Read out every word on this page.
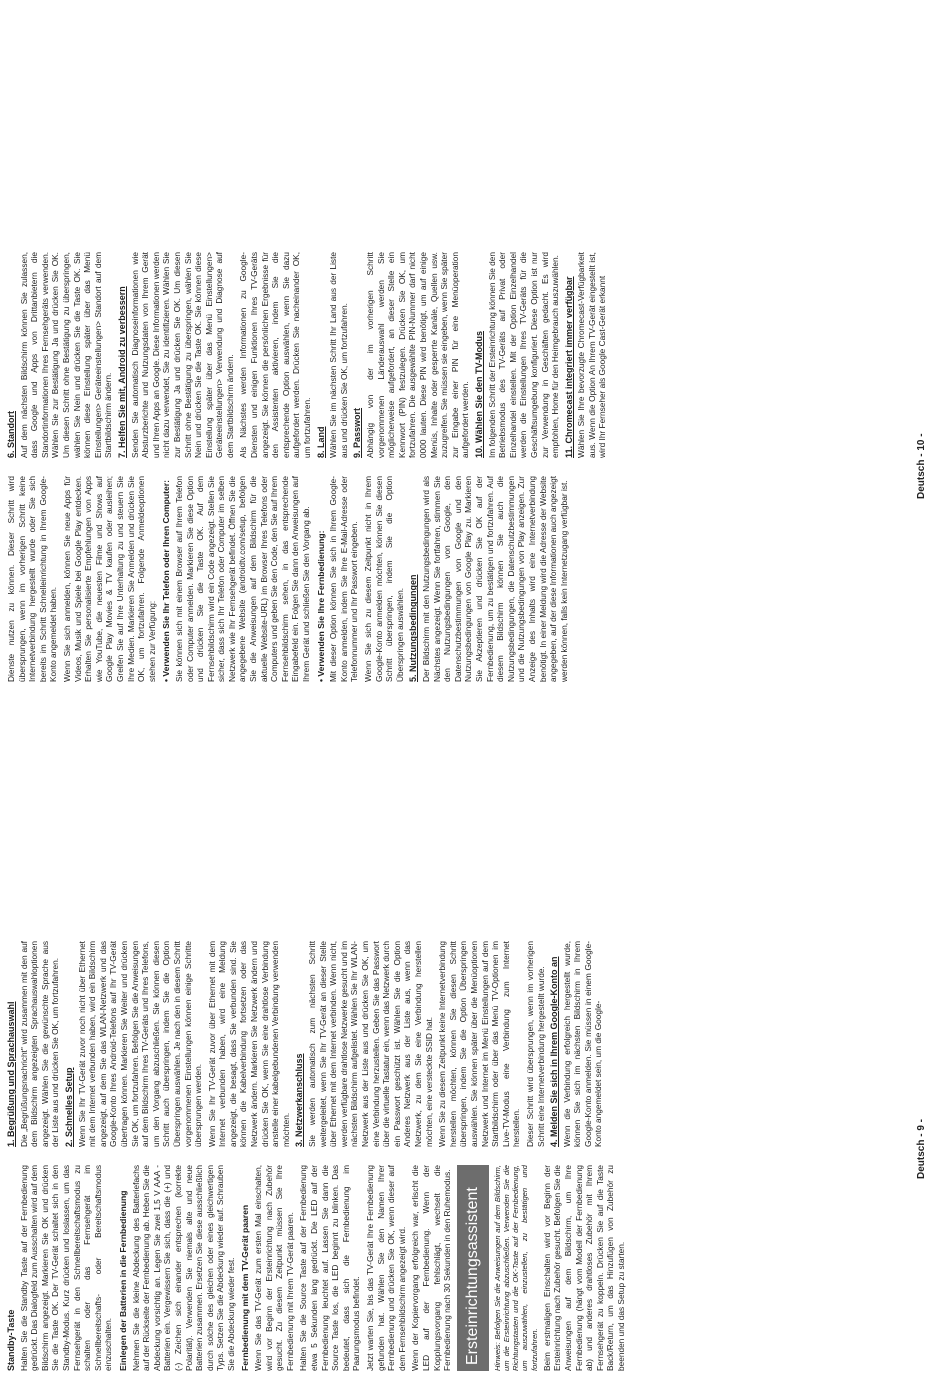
Standby-Taste Halten Sie die Standby Taste auf der Fernbedienung gedrückt. Das Dialogfeld zum Ausschalten wird auf dem Bildschirm angezeigt. Markieren Sie OK und drücken Sie die Taste OK. Der TV-Gerät schaltet sich in den Standby-Modus. Kurz drücken und loslassen, um das Fernsehgerät in den Schnellbereitschaftsmodus zu schalten oder das Fernsehgerät im Schnellbereitschafts- oder Bereitschaftsmodus einzuschalten. Einlegen der Batterien in die Fernbedienung Nehmen Sie die kleine Abdeckung des Batteriefachs auf der Rückseite der Fernbedienung ab. Heben Sie die Abdeckung vorsichtig an. Legen Sie zwei 1,5 V AAA - Batterien ein. Vergewissern Sie sich, dass die (+) und (-) Zeichen sich einander entsprechen (korrekte Polarität). Verwenden Sie niemals alte und neue Batterien zusammen. Ersetzen Sie diese ausschließlich durch solche des gleichen oder eines gleichwertigen Typs. Setzen Sie die Abdeckung wieder auf. Schrauben Sie die Abdeckung wieder fest. Fernbedienung mit dem TV-Gerät paaren Wenn Sie das TV-Gerät zum ersten Mal einschalten, wird vor Beginn der Ersteinrichtung nach Zubehör gesucht. Zu diesem Zeitpunkt müssen Sie Ihre Fernbedienung mit Ihrem TV-Gerät paaren. Halten Sie die Source Taste auf der Fernbedienung etwa 5 Sekunden lang gedrückt. Die LED auf der Fernbedienung leuchtet auf. Lassen Sie dann die Source Taste los, die LED beginnt zu blinken. Das bedeutet, dass sich die Fernbedienung im Paarungsmodus befindet. Jetzt warten Sie, bis das TV-Gerät Ihre Fernbedienung gefunden hat. Wählen Sie den Namen Ihrer Fernbedienung und drücken Sie OK, wenn dieser auf dem Fernsehbildschirm angezeigt wird. Wenn der Kopiervorgang erfolgreich war, erlischt die LED auf der Fernbedienung. Wenn der Kopplungsvorgang fehlschlägt, wechselt die Fernbedienung nach 30 Sekunden in den Ruhemodus. Ersteinrichtungsassistent	Hinweis: Befolgen Sie die Anweisungen auf dem Bildschirm, um die Ersteinrichtung abzuschließen. Verwenden Sie die Richtungstasten und die OK-Taste auf der Fernbedienung, um auszuwählen, einzustellen, zu bestätigen und fortzufahren. Beim erstmaligen Einschalten wird vor Beginn der Ersteinrichtung nach Zubehör gesucht. Befolgen Sie die Anweisungen auf dem Bildschirm, um Ihre Fernbedienung (hängt vom Modell der Fernbedienung ab) und anderes drahtloses Zubehör mit Ihrem Fernsehgerät zu koppeln. Drücken Sie auf die Taste Back/Return, um das Hinzufügen von Zubehör zu beenden und das Setup zu starten.

1. Begrüßung und Sprachauswahl Die „Begrüßungsnachricht" wird zusammen mit den auf dem Bildschirm angezeigten Sprachauswahloptionen angezeigt. Wählen Sie die gewünschte Sprache aus der Liste aus und drücken Sie OK, um fortzufahren. 2. Schnelles Setup Wenn Sie Ihr TV-Gerät zuvor noch nicht über Ethernet mit dem Internet verbunden haben, wird ein Bildschirm angezeigt, auf dem Sie das WLAN-Netzwerk und das Google-Konto Ihres Android-Telefons auf Ihr TV-Gerät übertragen können. Markieren Sie Weiter und drücken Sie OK, um fortzufahren. Befolgen Sie die Anweisungen auf dem Bildschirm Ihres TV-Geräts und Ihres Telefons, um den Vorgang abzuschließen. Sie können diesen Schritt auch überspringen, indem Sie die Option Überspringen auswählen. Je nach den in diesem Schritt vorgenommenen Einstellungen können einige Schritte übersprungen werden. Wenn Sie Ihr TV-Gerät zuvor über Ethernet mit dem Internet verbunden haben, wird eine Meldung angezeigt, die besagt, dass Sie verbunden sind. Sie können die Kabelverbindung fortsetzen oder das Netzwerk ändern. Markieren Sie Netzwerk ändern und drücken Sie OK, wenn Sie eine drahtlose Verbindung anstelle einer kabelgebundenen Verbindung verwenden möchten. 3. Netzwerkanschluss Sie werden automatisch zum nächsten Schritt weitergeleitet, wenn Sie Ihr TV-Gerät an dieser Stelle über Ethernet mit dem Internet verbinden. Wenn nicht, werden verfügbare drahtlose Netzwerke gesucht und im nächsten Bildschirm aufgelistet. Wählen Sie Ihr WLAN-Netzwerk aus der Liste aus und drücken Sie OK, um eine Verbindung herzustellen. Geben Sie das Passwort über die virtuelle Tastatur ein, wenn das Netzwerk durch ein Passwort geschützt ist. Wählen Sie die Option Anderes Netzwerk aus der Liste aus, wenn das Netzwerk, zu dem Sie eine Verbindung herstellen möchten, eine versteckte SSID hat. Wenn Sie zu diesem Zeitpunkt keine Internetverbindung herstellen möchten, können Sie diesen Schritt überspringen, indem Sie die Option Überspringen auswählen. Sie können später über die Menüoptionen Netzwerk und Internet im Menü Einstellungen auf dem Startbildschirm oder über das Menü TV-Optionen im Live-TV-Modus eine Verbindung zum Internet herstellen. Dieser Schritt wird übersprungen, wenn im vorherigen Schritt eine Internetverbindung hergestellt wurde. 4. Melden Sie sich in Ihrem Google-Konto an Wenn die Verbindung erfolgreich hergestellt wurde, können Sie sich im nächsten Bildschirm in Ihrem Google-Konto anmelden. Sie müssen in einem Google-Konto angemeldet sein, um die Google-

Deutsch - 9 -

Dienste nutzen zu können. Dieser Schritt wird übersprungen, wenn im vorherigen Schritt keine Internetverbindung hergestellt wurde oder Sie sich bereits im Schritt Schnelleinrichtung in Ihrem Google-Konto angemeldet haben. Wenn Sie sich anmelden, können Sie neue Apps für Videos, Musik und Spiele bei Google Play entdecken. Erhalten Sie personalisierte Empfehlungen von Apps wie YouTube, die neuesten Filme und Shows auf Google Play Movies & TV kaufen oder ausleihen; Greifen Sie auf Ihre Unterhaltung zu und steuern Sie Ihre Medien. Markieren Sie Anmelden und drücken Sie OK, um fortzufahren. Folgende Anmeldeoptionen stehen zur Verfügung: • Verwenden Sie Ihr Telefon oder Ihren Computer: Sie können sich mit einem Browser auf Ihrem Telefon oder Computer anmelden. Markieren Sie diese Option und drücken Sie die Taste OK. Auf dem Fernsehbildschirm wird ein Code angezeigt. Stellen Sie sicher, dass sich Ihr Telefon oder Computer im selben Netzwerk wie Ihr Fernsehgerät befindet. Öffnen Sie die angegebene Website (androidtv.com/setup, befolgen Sie die Anweisungen auf dem Bildschirm für die aktuelle Website-URL) im Browser Ihres Telefons oder Computers und geben Sie den Code, den Sie auf Ihrem Fernsehbildschirm sehen, in das entsprechende Eingabefeld ein. Folgen Sie dann den Anweisungen auf Ihrem Gerät und schließen Sie den Vorgang ab. • Verwenden Sie Ihre Fernbedienung: Mit dieser Option können Sie sich in Ihrem Google-Konto anmelden, indem Sie Ihre E-Mail-Adresse oder Telefonnummer und Ihr Passwort eingeben. Wenn Sie sich zu diesem Zeitpunkt nicht in Ihrem Google-Konto anmelden möchten, können Sie diesen Schritt überspringen, indem Sie die Option Überspringen auswählen. 5. Nutzungsbedingungen Der Bildschirm mit den Nutzungsbedingungen wird als Nächstes angezeigt. Wenn Sie fortfahren, stimmen Sie den Nutzungsbedingungen von Google, den Datenschutzbestimmungen von Google und den Nutzungsbedingungen von Google Play zu. Markieren Sie Akzeptieren und drücken Sie OK auf der Fernbedienung, um zu bestätigen und fortzufahren. Auf diesem Bildschirm können Sie auch die Nutzungsbedingungen, die Datenschutzbestimmungen und die Nutzungsbedingungen von Play anzeigen. Zur Anzeige des Inhalts wird eine Internetverbindung benötigt. In einer Meldung wird die Adresse der Website angegeben, auf der diese Informationen auch angezeigt werden können, falls kein Internetzugang verfügbar ist.

6. Standort Auf dem nächsten Bildschirm können Sie zulassen, dass Google und Apps von Drittanbietern die Standortinformationen Ihres Fernsehgeräts verwenden. Wählen Sie zur Bestätigung Ja und drücken Sie OK. Um diesen Schritt ohne Bestätigung zu überspringen, wählen Sie Nein und drücken Sie die Taste OK. Sie können diese Einstellung später über das Menü Einstellungen> Geräteeinstellungen> Standort auf dem Startbildschirm ändern. 7. Helfen Sie mit, Android zu verbessern Senden Sie automatisch Diagnoseinformationen wie Absturzberichte und Nutzungsdaten von Ihrem Gerät und Ihren Apps an Google. Diese Informationen werden nicht dazu verwendet, Sie zu identifizieren. Wählen Sie zur Bestätigung Ja und drücken Sie OK. Um diesen Schritt ohne Bestätigung zu überspringen, wählen Sie Nein und drücken Sie die Taste OK. Sie können diese Einstellung später über das Menü Einstellungen> Geräteeinstellungen> Verwendung und Diagnose auf dem Startbildschirm ändern. Als Nächstes werden Informationen zu Google-Diensten und einigen Funktionen Ihres TV-Geräts angezeigt. Sie können die persönlichen Ergebnisse für den Assistenten aktivieren, indem Sie die entsprechende Option auswählen, wenn Sie dazu aufgefordert werden. Drücken Sie nacheinander OK, um fortzufahren. 8. Land Wählen Sie im nächsten Schritt Ihr Land aus der Liste aus und drücken Sie OK, um fortzufahren. 9. Passwort Abhängig von der im vorherigen Schritt vorgenommenen Länderauswahl werden Sie möglicherweise aufgefordert, an dieser Stelle ein Kennwort (PIN) festzulegen. Drücken Sie OK, um fortzufahren. Die ausgewählte PIN-Nummer darf nicht 0000 lauten. Diese PIN wird benötigt, um auf einige Menüs, Inhalte oder gesperrte Kanäle, Quellen usw. zuzugreifen. Sie müssen sie eingeben, wenn Sie später zur Eingabe einer PIN für eine Menüoperation aufgefordert werden. 10. Wählen Sie den TV-Modus Im folgenden Schritt der Ersteinrichtung können Sie den Betriebsmodus des TV-Geräts auf Privat oder Einzelhandel einstellen. Mit der Option Einzelhandel werden die Einstellungen Ihres TV-Geräts für die Geschäftsumgebung konfiguriert. Diese Option ist nur zur Verwendung in Geschäften gedacht. Es wird empfohlen, Home für den Heimgebrauch auszuwählen. 11. Chromecast integriert immer verfügbar Wählen Sie Ihre bevorzugte Chromecast-Verfügbarkeit aus. Wenn die Option An Ihrem TV-Gerät eingestellt ist, wird Ihr Fernseher als Google Cast-Gerät erkannt

Deutsch - 10 -
